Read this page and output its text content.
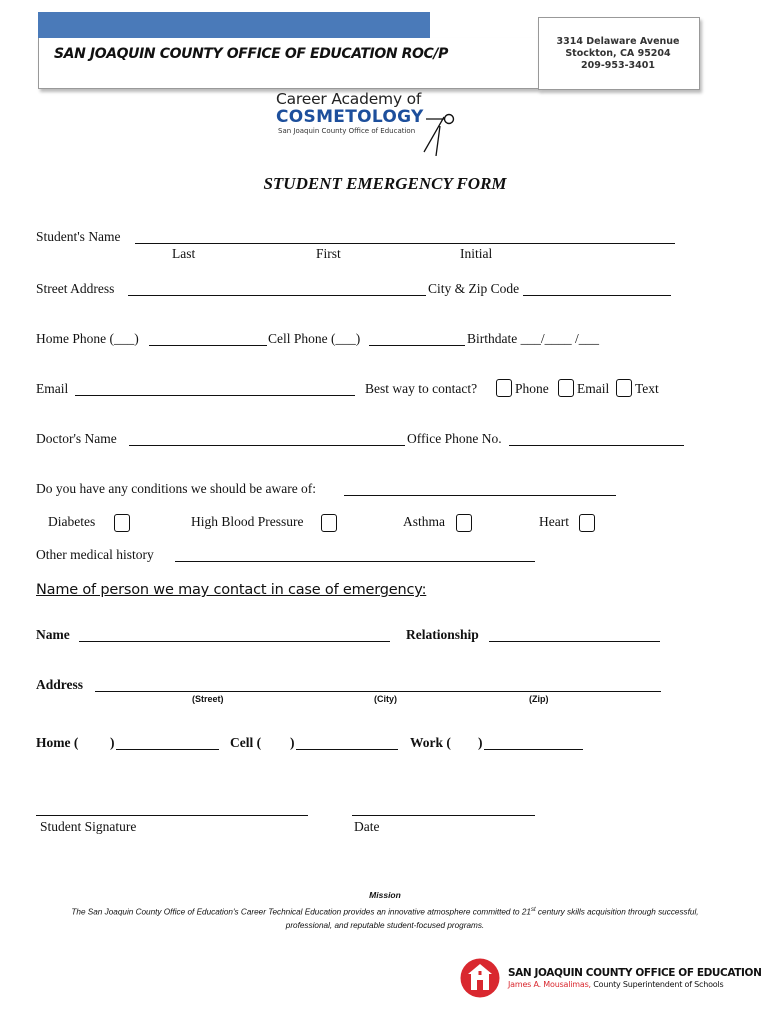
SAN JOAQUIN COUNTY OFFICE OF EDUCATION ROC/P
3314 Delaware Avenue
Stockton, CA 95204
209-953-3401
Career Academy of
COSMETOLOGY
San Joaquin County Office of Education
STUDENT EMERGENCY FORM
Student's Name
Last	First	Initial
Street Address	City & Zip Code
Home Phone (___)	Cell Phone (___)	Birthdate ___/____ /___
Email	Best way to contact?	Phone Email Text
Doctor's Name	Office Phone No.
Do you have any conditions we should be aware of:
Diabetes	High Blood Pressure	Asthma	Heart
Other medical history
Name of person we may contact in case of emergency:
Name	Relationship
Address
(Street)	(City)	(Zip)
Home ( )	Cell ( )	Work ( )
Student Signature	Date
Mission
The San Joaquin County Office of Education's Career Technical Education provides an innovative atmosphere committed to 21st century skills acquisition through successful,
professional, and reputable student-focused programs.
SAN JOAQUIN COUNTY OFFICE OF EDUCATION
James A. Mousalimas, County Superintendent of Schools
